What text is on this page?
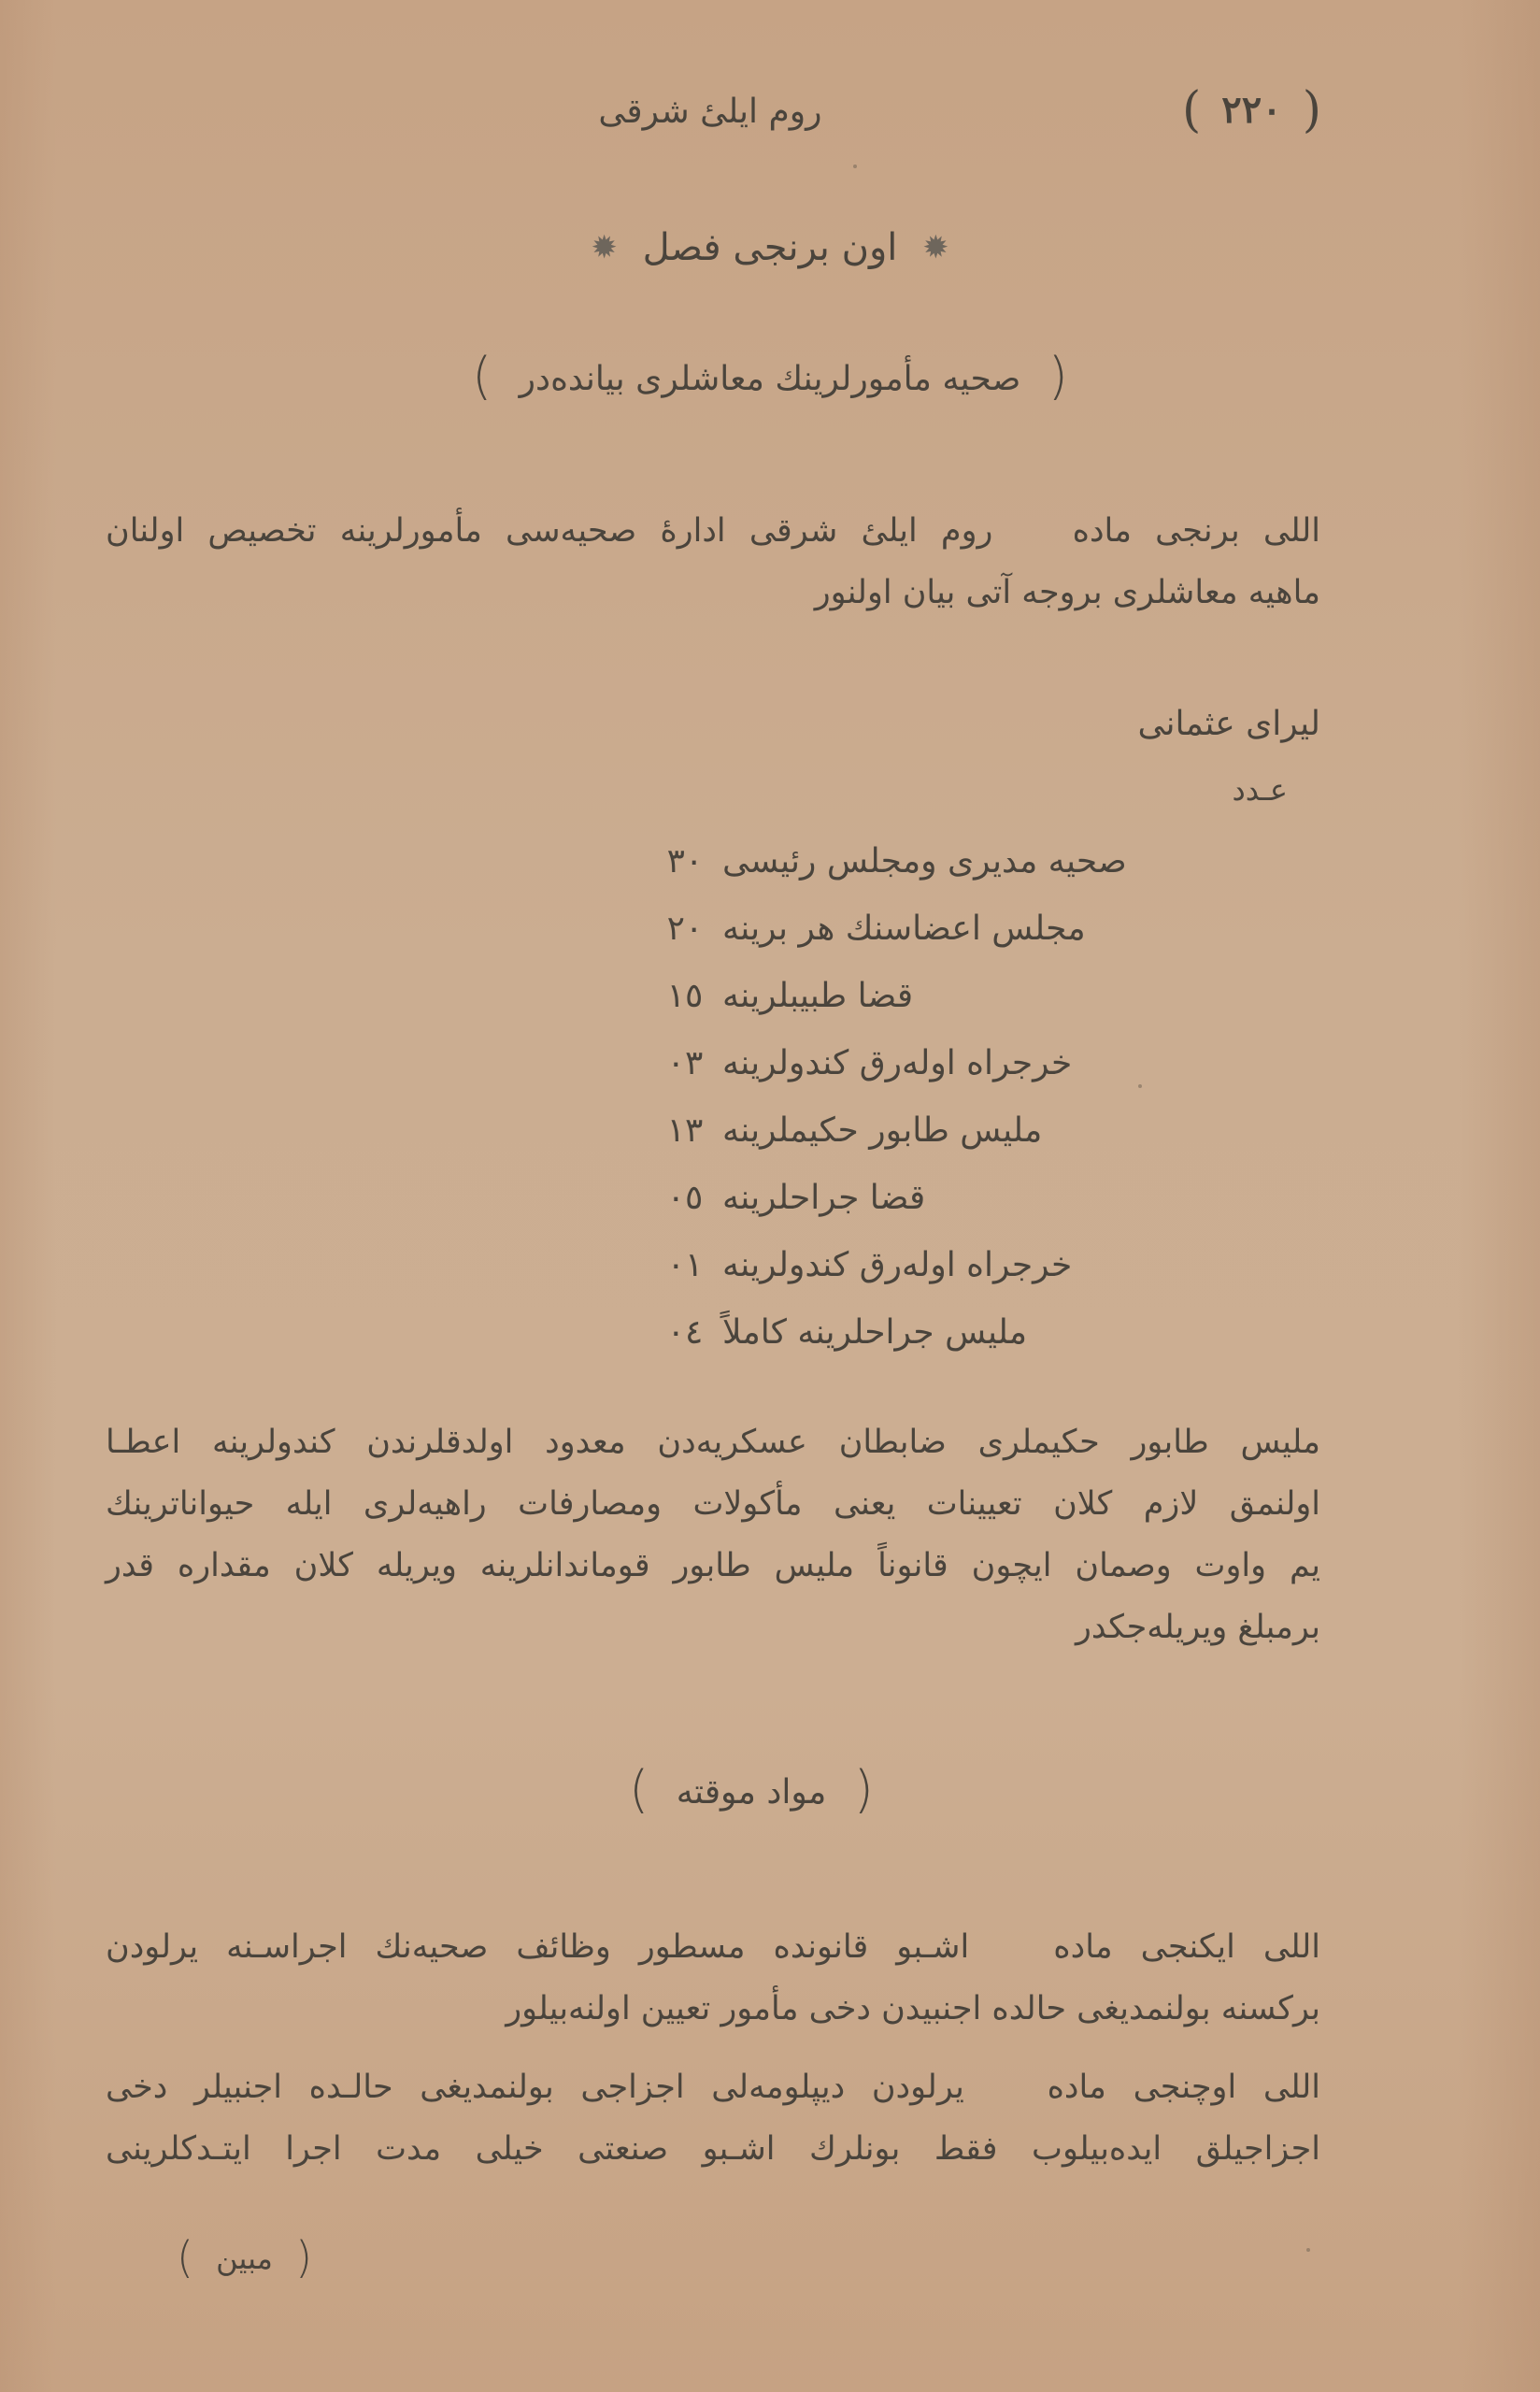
( ٢٢٠ )
روم ایلیٔ شرقی
✹ اون برنجی فصل ✹
( صحیه مأمورلرینك معاشلری بیانده‌در )
اللی برنجی ماده روم ایلیٔ شرقی ادارهٔ صحیه‌سی مأمورلرینه تخصیص اولنان
ماهیه معاشلری بروجه آتی بیان اولنور
لیرای عثمانی
عـدد
٣٠ صحیه مدیری ومجلس رئیسی
٢٠ مجلس اعضاسنك هر برینه
١٥ قضا طبیبلرینه
٠٣ خرجراه اوله‌رق کندولرینه
١٣ ملیس طابور حکیملرینه
٠٥ قضا جراحلرینه
٠١ خرجراه اوله‌رق کندولرینه
٠٤ ملیس جراحلرینه کاملاً
ملیس طابور حکیملری ضابطان عسکریه‌دن معدود اولدقلرندن کندولرینه اعطـا
اولنمق لازم کلان تعیینات یعنی مأکولات ومصارفات راهیه‌لری ایله حیواناترینك
یم واوت وصمان ایچون قانوناً ملیس طابور قوماندانلرینه ویریله کلان مقداره قدر
برمبلغ ویریله‌جکدر
( مواد موقته )
اللی ایکنجی ماده اشـبو قانونده مسطور وظائف صحیه‌نك اجراسـنه یرلودن
برکسنه بولنمدیغی حالده اجنبیدن دخی مأمور تعیین اولنه‌بیلور
اللی اوچنجی ماده یرلودن دیپلومه‌لی اجزاجی بولنمدیغی حالـده اجنبیلر دخی
اجزاجیلق ایده‌بیلوب فقط بونلرك اشـبو صنعتی خیلی مدت اجرا ایتـدکلرینی
( مبین )
